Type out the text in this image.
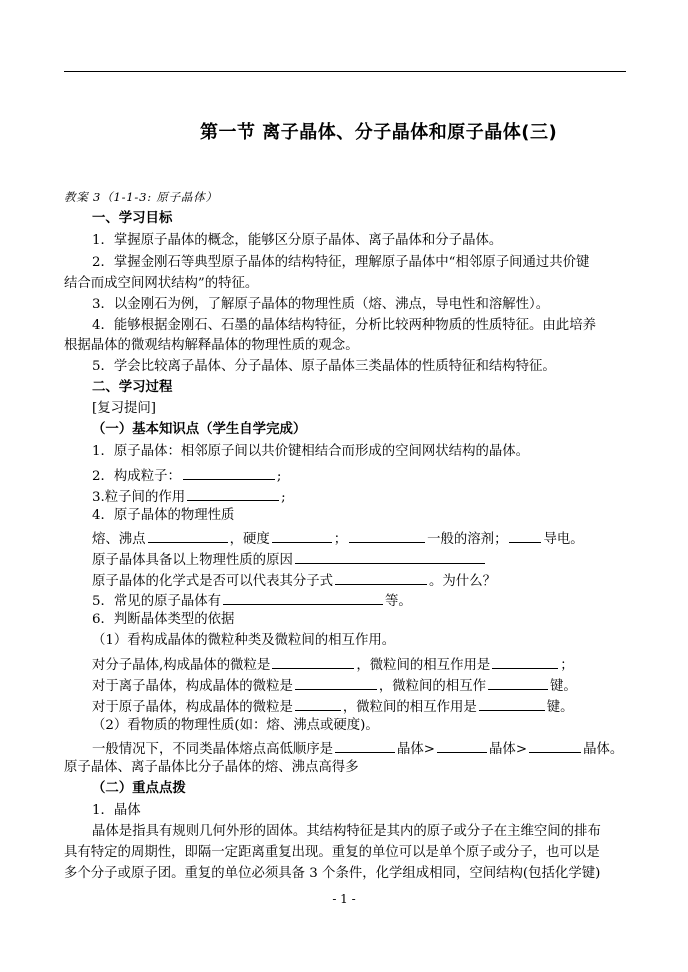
第一节 离子晶体、分子晶体和原子晶体(三)
教案 3（1-1-3: 原子晶体）
一、学习目标
1．掌握原子晶体的概念，能够区分原子晶体、离子晶体和分子晶体。
2．掌握金刚石等典型原子晶体的结构特征，理解原子晶体中“相邻原子间通过共价键
结合而成空间网状结构”的特征。
3．以金刚石为例，了解原子晶体的物理性质（熔、沸点，导电性和溶解性）。
4．能够根据金刚石、石墨的晶体结构特征，分析比较两种物质的性质特征。由此培养
根据晶体的微观结构解释晶体的物理性质的观念。
5．学会比较离子晶体、分子晶体、原子晶体三类晶体的性质特征和结构特征。
二、学习过程
[复习提问]
（一）基本知识点（学生自学完成）
1．原子晶体：相邻原子间以共价键相结合而形成的空间网状结构的晶体。
2．构成粒子：	;
3.粒子间的作用	;
4．原子晶体的物理性质
熔、沸点	，硬度	；	一般的溶剂；	导电。
原子晶体具备以上物理性质的原因
原子晶体的化学式是否可以代表其分子式	。为什么？
5．常见的原子晶体有	等。
6．判断晶体类型的依据
（1）看构成晶体的微粒种类及微粒间的相互作用。
对分子晶体,构成晶体的微粒是	，微粒间的相互作用是	；
对于离子晶体，构成晶体的微粒是	，微粒间的相互作	键。
对于原子晶体，构成晶体的微粒是	，微粒间的相互作用是	键。
（2）看物质的物理性质(如：熔、沸点或硬度)。
一般情况下，不同类晶体熔点高低顺序是	晶体>	晶体>	晶体。
原子晶体、离子晶体比分子晶体的熔、沸点高得多
（二）重点点拨
1．晶体
晶体是指具有规则几何外形的固体。其结构特征是其内的原子或分子在主维空间的排布
具有特定的周期性，即隔一定距离重复出现。重复的单位可以是单个原子或分子，也可以是
多个分子或原子团。重复的单位必须具备 3 个条件，化学组成相同，空间结构(包括化学键)
- 1 -
